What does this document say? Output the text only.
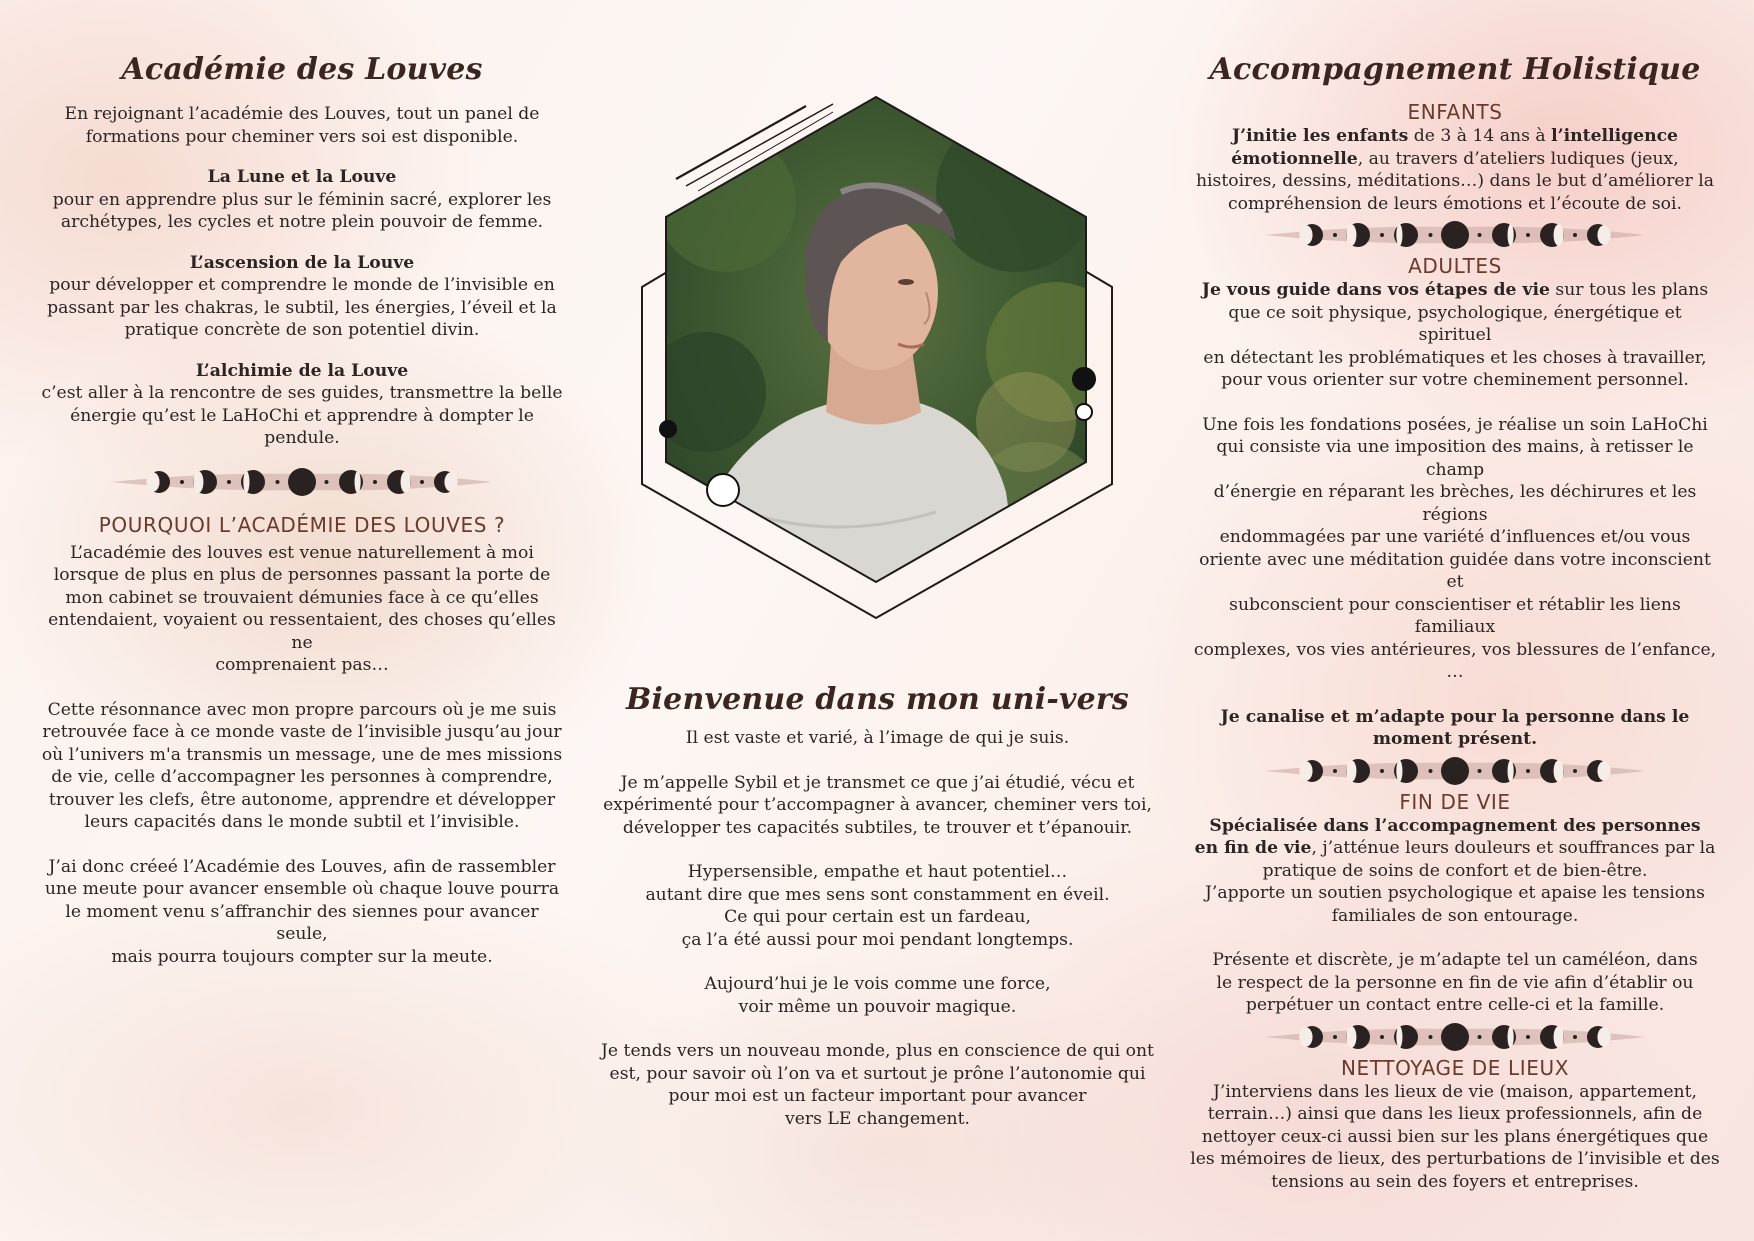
Académie des Louves

En rejoignant l’académie des Louves, tout un panel de
formations pour cheminer vers soi est disponible.

La Lune et la Louve

pour en apprendre plus sur le féminin sacré, explorer les
archétypes, les cycles et notre plein pouvoir de femme.

L’ascension de la Louve

pour développer et comprendre le monde de l’invisible en
passant par les chakras, le subtil, les énergies, l’éveil et la
pratique concrète de son potentiel divin.

L’alchimie de la Louve

c’est aller à la rencontre de ses guides, transmettre la belle
énergie qu’est le LaHoChi et apprendre à dompter le pendule.

POURQUOI L’ACADÉMIE DES LOUVES ?

L’académie des louves est venue naturellement à moi
lorsque de plus en plus de personnes passant la porte de
mon cabinet se trouvaient démunies face à ce qu’elles
entendaient, voyaient ou ressentaient, des choses qu’elles ne
comprenaient pas…

Cette résonnance avec mon propre parcours où je me suis
retrouvée face à ce monde vaste de l’invisible jusqu’au jour
où l’univers m'a transmis un message, une de mes missions
de vie, celle d’accompagner les personnes à comprendre,
trouver les clefs, être autonome, apprendre et développer
leurs capacités dans le monde subtil et l’invisible.

J’ai donc créeé l’Académie des Louves, afin de rassembler
une meute pour avancer ensemble où chaque louve pourra
le moment venu s’affranchir des siennes pour avancer seule,
mais pourra toujours compter sur la meute.

Bienvenue dans mon uni-vers

Il est vaste et varié, à l’image de qui je suis.

Je m’appelle Sybil et je transmet ce que j’ai étudié, vécu et
expérimenté pour t’accompagner à avancer, cheminer vers toi,
développer tes capacités subtiles, te trouver et t’épanouir.

Hypersensible, empathe et haut potentiel…
autant dire que mes sens sont constamment en éveil.
Ce qui pour certain est un fardeau,
ça l’a été aussi pour moi pendant longtemps.

Aujourd’hui je le vois comme une force,
voir même un pouvoir magique.

Je tends vers un nouveau monde, plus en conscience de qui ont
est, pour savoir où l’on va et surtout je prône l’autonomie qui
pour moi est un facteur important pour avancer
vers LE changement.

Accompagnement Holistique
ENFANTS

J’initie les enfants de 3 à 14 ans à l’intelligence
émotionnelle, au travers d’ateliers ludiques (jeux,
histoires, dessins, méditations…) dans le but d’améliorer la
compréhension de leurs émotions et l’écoute de soi.

ADULTES

Je vous guide dans vos étapes de vie sur tous les plans
que ce soit physique, psychologique, énergétique et spirituel
en détectant les problématiques et les choses à travailler,
pour vous orienter sur votre cheminement personnel.

Une fois les fondations posées, je réalise un soin LaHoChi
qui consiste via une imposition des mains, à retisser le champ
d’énergie en réparant les brèches, les déchirures et les régions
endommagées par une variété d’influences et/ou vous
oriente avec une méditation guidée dans votre inconscient et
subconscient pour conscientiser et rétablir les liens familiaux
complexes, vos vies antérieures, vos blessures de l’enfance, …

Je canalise et m’adapte pour la personne dans le
moment présent.

FIN DE VIE

Spécialisée dans l’accompagnement des personnes
en fin de vie, j’atténue leurs douleurs et souffrances par la
pratique de soins de confort et de bien-être.
J’apporte un soutien psychologique et apaise les tensions
familiales de son entourage.

Présente et discrète, je m’adapte tel un caméléon, dans
le respect de la personne en fin de vie afin d’établir ou
perpétuer un contact entre celle-ci et la famille.

NETTOYAGE DE LIEUX

J’interviens dans les lieux de vie (maison, appartement,
terrain…) ainsi que dans les lieux professionnels, afin de
nettoyer ceux-ci aussi bien sur les plans énergétiques que
les mémoires de lieux, des perturbations de l’invisible et des
tensions au sein des foyers et entreprises.
